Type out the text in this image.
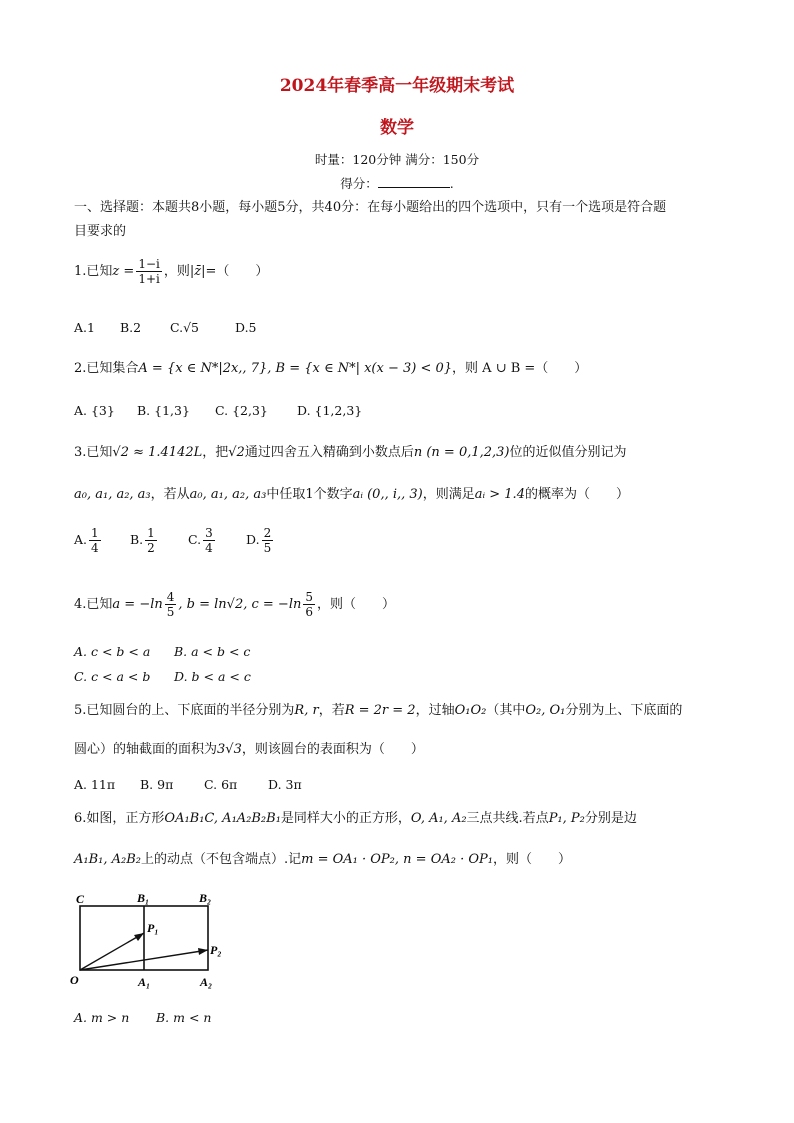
2024年春季高一年级期末考试
数学
时量：120分钟 满分：150分
得分：	.
一、选择题：本题共8小题，每小题5分，共40分：在每小题给出的四个选项中，只有一个选项是符合题
目要求的
1.已知$z = \frac{1-i}{1+i}$ ，则|z̄|=（　　）
A.1 B.2 C.√5	D.5
2.已知集合A = {x ∈ N*|2x,, 7}, B = {x ∈ N*| x(x − 3) < 0}，则 A ∪ B =（　　）
A. {3} B. {1,3} C. {2,3} D. {1,2,3}
3.已知√2 ≈ 1.4142L，把√2通过四舍五入精确到小数点后n (n = 0,1,2,3)位的近似值分别记为
a₀, a₁, a₂, a₃，若从a₀, a₁, a₂, a₃中任取1个数字aᵢ (0,, i,, 3)，则满足aᵢ > 1.4的概率为（　　）
A. $\frac{1}{4} B$. $\frac{1}{2} C$. $\frac{3}{4}$	D. $\frac{2}{5}$
4.已知$a = -\ln \frac{4}{5}$ , b = ln√2, $c = -\ln \frac{5}{6}$ ，则（　　）
A. c < b < a B. a < b < c
C. c < a < b D. b < a < c
5.已知圆台的上、下底面的半径分别为R, r，若R = 2r = 2，过轴O₁O₂（其中O₂, O₁分别为上、下底面的
圆心）的轴截面的面积为3√3，则该圆台的表面积为（　　）
A. 11π B. 9π C. 6π D. 3π
6.如图，正方形OA₁B₁C, A₁A₂B₂B₁是同样大小的正方形，O, A₁, A₂三点共线.若点P₁, P₂分别是边
A₁B₁, A₂B₂上的动点（不包含端点）.记m = OA₁ · OP₂, n = OA₂ · OP₁，则（　　）
C	B₁	B₂
P₁
P₂
O	A₁	A₂
A. m > n B. m < n
